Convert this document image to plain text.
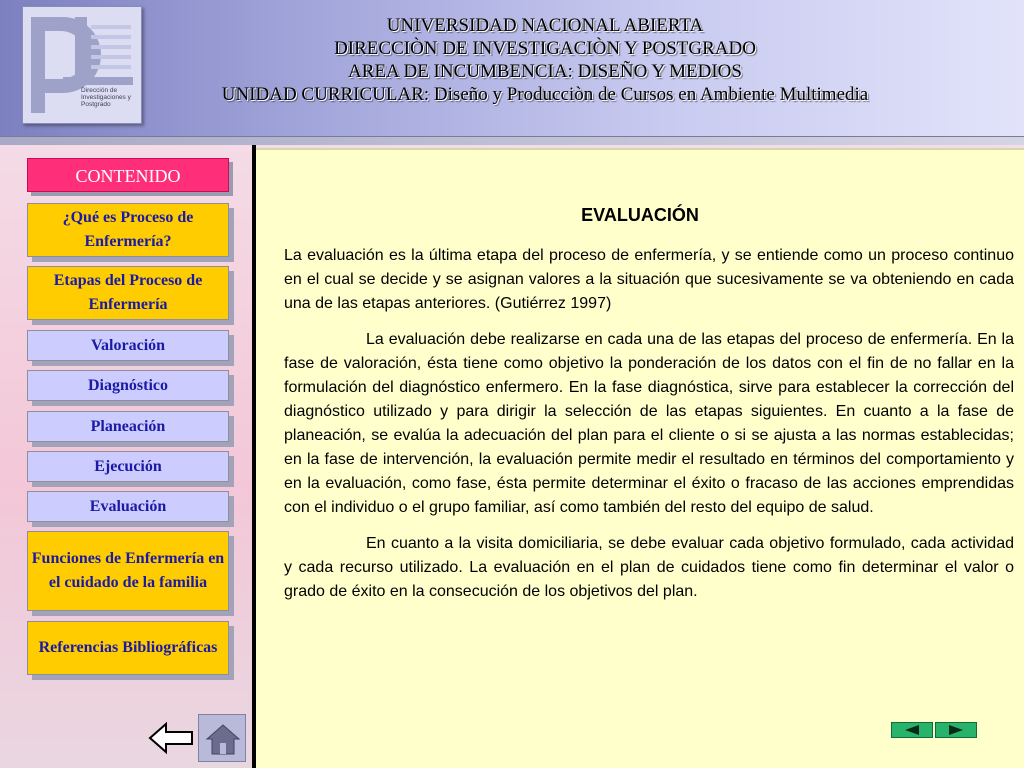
Dirección de Investigaciones y Postgrado
UNIVERSIDAD NACIONAL ABIERTA
DIRECCIÒN DE INVESTIGACIÒN Y POSTGRADO
AREA DE INCUMBENCIA: DISEÑO Y MEDIOS
UNIDAD CURRICULAR: Diseño y Producciòn de Cursos en Ambiente Multimedia
CONTENIDO
¿Qué es Proceso de Enfermería?
Etapas del Proceso de Enfermería
Valoración
Diagnóstico
Planeación
Ejecución
Evaluación
Funciones de Enfermería en el cuidado de la familia
Referencias Bibliográficas
EVALUACIÓN

La evaluación es la última etapa del proceso de enfermería, y se entiende como un proceso continuo en el cual se decide y se asignan valores a la situación que sucesivamente se va obteniendo en cada una de las etapas anteriores. (Gutiérrez 1997)

La evaluación debe realizarse en cada una de las etapas del proceso de enfermería. En la fase de valoración, ésta tiene como objetivo la ponderación de los datos con el fin de no fallar en la formulación del diagnóstico enfermero. En la fase diagnóstica, sirve para establecer la corrección del diagnóstico utilizado y para dirigir la selección de las etapas siguientes. En cuanto a la fase de planeación, se evalúa la adecuación del plan para el cliente o si se ajusta a las normas establecidas; en la fase de intervención, la evaluación permite medir el resultado en términos del comportamiento y en la evaluación, como fase, ésta permite determinar el éxito o fracaso de las acciones emprendidas con el individuo o el grupo familiar, así como también del resto del equipo de salud.

En cuanto a la visita domiciliaria, se debe evaluar cada objetivo formulado, cada actividad y cada recurso utilizado. La evaluación en el plan de cuidados tiene como fin determinar el valor o grado de éxito en la consecución de los objetivos del plan.
